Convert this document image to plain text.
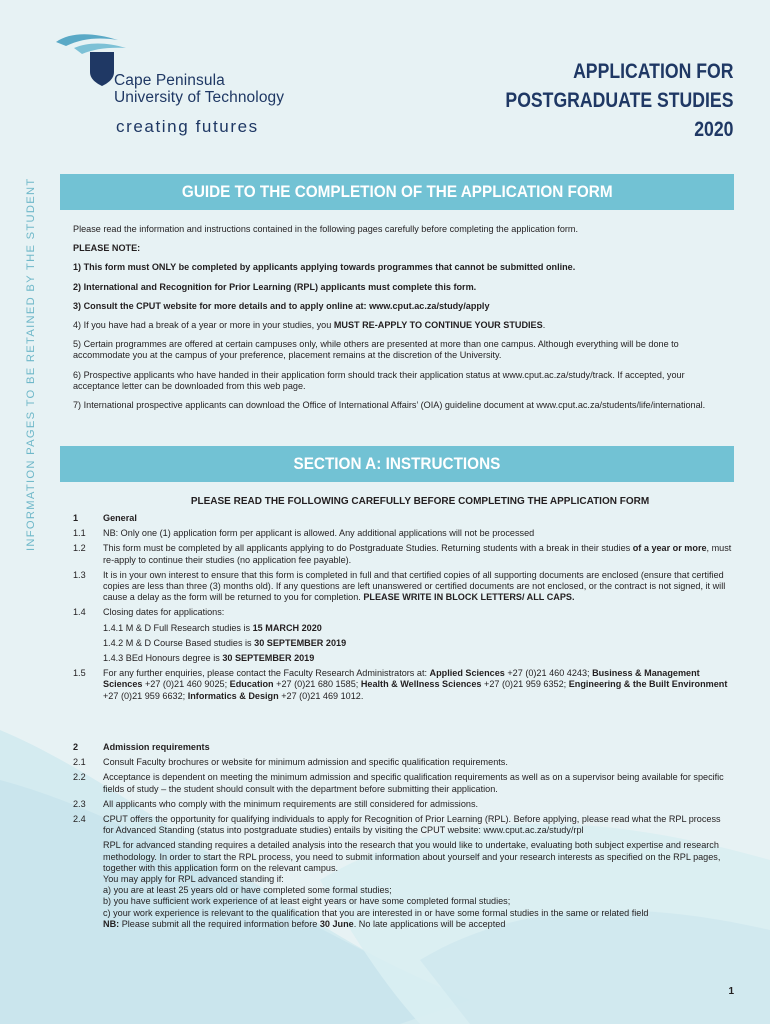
Cape Peninsula
University of Technology
creating futures
APPLICATION FOR
POSTGRADUATE STUDIES
2020
INFORMATION PAGES TO BE RETAINED BY THE STUDENT	GUIDE TO THE COMPLETION OF THE APPLICATION FORM

Please read the information and instructions contained in the following pages carefully before completing the application form.

PLEASE NOTE:

1) This form must ONLY be completed by applicants applying towards programmes that cannot be submitted online.

2) International and Recognition for Prior Learning (RPL) applicants must complete this form.

3) Consult the CPUT website for more details and to apply online at: www.cput.ac.za/study/apply

4) If you have had a break of a year or more in your studies, you MUST RE-APPLY TO CONTINUE YOUR STUDIES.

5) Certain programmes are offered at certain campuses only, while others are presented at more than one campus. Although everything will be done to accommodate you at the campus of your preference, placement remains at the discretion of the University.

6) Prospective applicants who have handed in their application form should track their application status at www.cput.ac.za/study/track. If accepted, your acceptance letter can be downloaded from this web page.

7) International prospective applicants can download the Office of International Affairs’ (OIA) guideline document at www.cput.ac.za/students/life/international.

SECTION A: INSTRUCTIONS
PLEASE READ THE FOLLOWING CAREFULLY BEFORE COMPLETING THE APPLICATION FORM
1	General
1.1	NB: Only one (1) application form per applicant is allowed. Any additional applications will not be processed
1.2	This form must be completed by all applicants applying to do Postgraduate Studies. Returning students with a break in their studies of a year or more, must re-apply to continue their studies (no application fee payable).
1.3	It is in your own interest to ensure that this form is completed in full and that certified copies of all supporting documents are enclosed (ensure that certified copies are less than three (3) months old). If any questions are left unanswered or certified documents are not enclosed, or the contract is not signed, it will cause a delay as the form will be returned to you for completion. PLEASE WRITE IN BLOCK LETTERS/ ALL CAPS.
1.4	Closing dates for applications:
1.4.1 M & D Full Research studies is 15 MARCH 2020
1.4.2 M & D Course Based studies is 30 SEPTEMBER 2019
1.4.3 BEd Honours degree is 30 SEPTEMBER 2019
1.5	For any further enquiries, please contact the Faculty Research Administrators at: Applied Sciences +27 (0)21 460 4243; Business & Management Sciences +27 (0)21 460 9025; Education +27 (0)21 680 1585; Health & Wellness Sciences +27 (0)21 959 6352; Engineering & the Built Environment +27 (0)21 959 6632; Informatics & Design +27 (0)21 469 1012.
2	Admission requirements
2.1	Consult Faculty brochures or website for minimum admission and specific qualification requirements.
2.2	Acceptance is dependent on meeting the minimum admission and specific qualification requirements as well as on a supervisor being available for specific fields of study – the student should consult with the department before submitting their application.
2.3	All applicants who comply with the minimum requirements are still considered for admissions.
2.4	CPUT offers the opportunity for qualifying individuals to apply for Recognition of Prior Learning (RPL). Before applying, please read what the RPL process for Advanced Standing (status into postgraduate studies) entails by visiting the CPUT website: www.cput.ac.za/study/rpl
RPL for advanced standing requires a detailed analysis into the research that you would like to undertake, evaluating both subject expertise and research methodology. In order to start the RPL process, you need to submit information about yourself and your research interests as specified on the RPL pages, together with this application form on the relevant campus.
You may apply for RPL advanced standing if:
a) you are at least 25 years old or have completed some formal studies;
b) you have sufficient work experience of at least eight years or have some completed formal studies;
c) your work experience is relevant to the qualification that you are interested in or have some formal studies in the same or related field
NB: Please submit all the required information before 30 June. No late applications will be accepted
1
